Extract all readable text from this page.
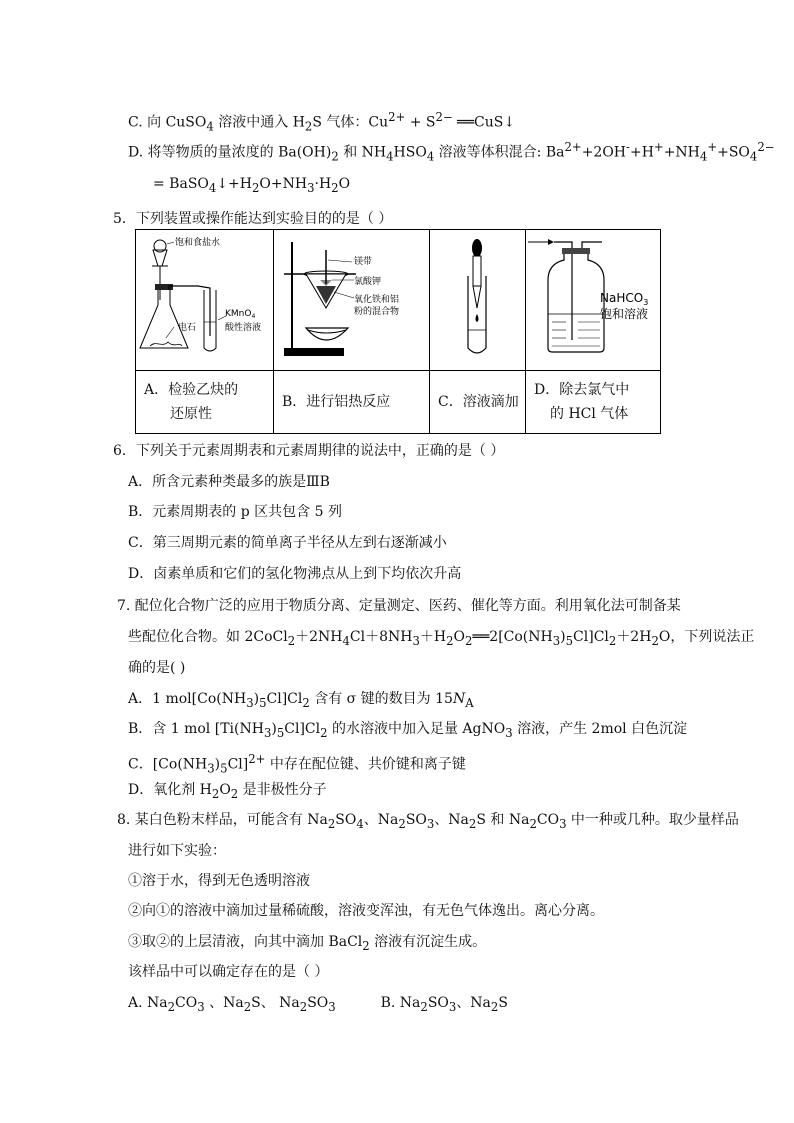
C. 向 CuSO$_4$ 溶液中通入 $H_2S$ 气体：$Cu^{2+} + S^{2-}$ ══CuS↓
D. 将等物质的量浓度的 $Ba(OH)_2$ 和 $NH_4HSO_4$ 溶液等体积混合: $Ba^{2+}+2OH^-+H^++NH_4^++SO_4^{2-}$
= $BaSO_4↓+H_2O+NH_3\cdot H_2O$
5．下列装置或操作能达到实验目的的是（ ）
饱和食盐水
电石
KMnO$_4$
酸性溶液	镁带
氯酸钾
氧化铁和铝
粉的混合物		NaHCO$_3$
饱和溶液

A．检验乙炔的
还原性	B．进行铝热反应	C．溶液滴加	D．除去氯气中
的 HCl 气体
6．下列关于元素周期表和元素周期律的说法中，正确的是（ ）
A．所含元素种类最多的族是ⅢB
B．元素周期表的 p 区共包含 5 列
C．第三周期元素的简单离子半径从左到右逐渐减小
D．卤素单质和它们的氢化物沸点从上到下均依次升高
7. 配位化合物广泛的应用于物质分离、定量测定、医药、催化等方面。利用氧化法可制备某
些配位化合物。如 $2CoCl_2+2NH_4Cl+8NH_3+H_2O_2══2[Co(NH_3)_5Cl]Cl_2+2H_2O$，下列说法正
确的是( )
A．1 $mol[Co(NH_3)_5Cl]Cl_2$ 含有 σ 键的数目为 $15N_A$
B．含 1 mol $[Ti(NH_3)_5Cl]Cl_2$ 的水溶液中加入足量 AgNO$_3$ 溶液，产生 2mol 白色沉淀
C．$[Co(NH_3)_5Cl]^{2+}$ 中存在配位键、共价键和离子键
D．氧化剂 $H_2O_2$ 是非极性分子
8. 某白色粉末样品，可能含有 $Na_2SO_4$、$Na_2SO_3$、$Na_2S$ 和 $Na_2CO_3$ 中一种或几种。取少量样品
进行如下实验：
①溶于水，得到无色透明溶液
②向①的溶液中滴加过量稀硫酸，溶液变浑浊，有无色气体逸出。离心分离。
③取②的上层清液，向其中滴加 BaCl$_2$ 溶液有沉淀生成。
该样品中可以确定存在的是（ ）
A. $Na_2CO_3$ 、$Na_2S$、 $Na_2SO_3$	B. $Na_2SO_3$、$Na_2S$
